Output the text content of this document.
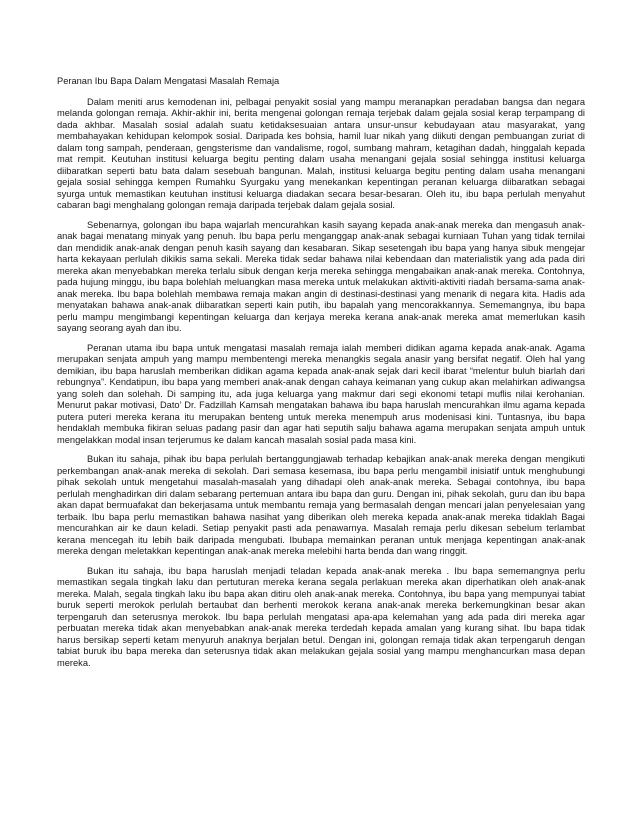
Peranan Ibu Bapa Dalam Mengatasi Masalah Remaja

Dalam meniti arus kemodenan ini, pelbagai penyakit sosial yang mampu meranapkan peradaban bangsa dan negara melanda golongan remaja. Akhir-akhir ini, berita mengenai golongan remaja terjebak dalam gejala sosial kerap terpampang di dada akhbar. Masalah sosial adalah suatu ketidaksesuaian antara unsur-unsur kebudayaan atau masyarakat, yang membahayakan kehidupan kelompok sosial. Daripada kes bohsia, hamil luar nikah yang diikuti dengan pembuangan zuriat di dalam tong sampah, penderaan, gengsterisme dan vandalisme, rogol, sumbang mahram, ketagihan dadah, hinggalah kepada mat rempit. Keutuhan institusi keluarga begitu penting dalam usaha menangani gejala sosial sehingga institusi keluarga diibaratkan seperti batu bata dalam sesebuah bangunan. Malah, institusi keluarga begitu penting dalam usaha menangani gejala sosial sehingga kempen Rumahku Syurgaku yang menekankan kepentingan peranan keluarga diibaratkan sebagai syurga untuk memastikan keutuhan institusi keluarga diadakan secara besar-besaran. Oleh itu, ibu bapa perlulah menyahut cabaran bagi menghalang golongan remaja daripada terjebak dalam gejala sosial.

Sebenarnya, golongan ibu bapa wajarlah mencurahkan kasih sayang kepada anak-anak mereka dan mengasuh anak-anak bagai menatang minyak yang penuh. Ibu bapa perlu menganggap anak-anak sebagai kurniaan Tuhan yang tidak ternilai dan mendidik anak-anak dengan penuh kasih sayang dan kesabaran. Sikap sesetengah ibu bapa yang hanya sibuk mengejar harta kekayaan perlulah dikikis sama sekali. Mereka tidak sedar bahawa nilai kebendaan dan materialistik yang ada pada diri mereka akan menyebabkan mereka terlalu sibuk dengan kerja mereka sehingga mengabaikan anak-anak mereka. Contohnya, pada hujung minggu, ibu bapa bolehlah meluangkan masa mereka untuk melakukan aktiviti-aktiviti riadah bersama-sama anak-anak mereka. Ibu bapa bolehlah membawa remaja makan angin di destinasi-destinasi yang menarik di negara kita. Hadis ada menyatakan bahawa anak-anak diibaratkan seperti kain putih, ibu bapalah yang mencorakkannya. Sememangnya, ibu bapa perlu mampu mengimbangi kepentingan keluarga dan kerjaya mereka kerana anak-anak mereka amat memerlukan kasih sayang seorang ayah dan ibu.

Peranan utama ibu bapa untuk mengatasi masalah remaja ialah memberi didikan agama kepada anak-anak. Agama merupakan senjata ampuh yang mampu membentengi mereka menangkis segala anasir yang bersifat negatif. Oleh hal yang demikian, ibu bapa haruslah memberikan didikan agama kepada anak-anak sejak dari kecil ibarat “melentur buluh biarlah dari rebungnya”. Kendatipun, ibu bapa yang memberi anak-anak dengan cahaya keimanan yang cukup akan melahirkan adiwangsa yang soleh dan solehah. Di samping itu, ada juga keluarga yang makmur dari segi ekonomi tetapi muflis nilai kerohanian. Menurut pakar motivasi, Dato’ Dr. Fadzillah Kamsah mengatakan bahawa ibu bapa haruslah mencurahkan ilmu agama kepada putera puteri mereka kerana itu merupakan benteng untuk mereka menempuh arus modenisasi kini. Tuntasnya, ibu bapa hendaklah membuka fikiran seluas padang pasir dan agar hati seputih salju bahawa agama merupakan senjata ampuh untuk mengelakkan modal insan terjerumus ke dalam kancah masalah sosial pada masa kini.

Bukan itu sahaja, pihak ibu bapa perlulah bertanggungjawab terhadap kebajikan anak-anak mereka dengan mengikuti perkembangan anak-anak mereka di sekolah. Dari semasa kesemasa, ibu bapa perlu mengambil inisiatif untuk menghubungi pihak sekolah untuk mengetahui masalah-masalah yang dihadapi oleh anak-anak mereka. Sebagai contohnya, ibu bapa perlulah menghadirkan diri dalam sebarang pertemuan antara ibu bapa dan guru. Dengan ini, pihak sekolah, guru dan ibu bapa akan dapat bermuafakat dan bekerjasama untuk membantu remaja yang bermasalah dengan mencari jalan penyelesaian yang terbaik. Ibu bapa perlu memastikan bahawa nasihat yang diberikan oleh mereka kepada anak-anak mereka tidaklah Bagai mencurahkan air ke daun keladi. Setiap penyakit pasti ada penawarnya. Masalah remaja perlu dikesan sebelum terlambat kerana mencegah itu lebih baik daripada mengubati. Ibubapa memainkan peranan untuk menjaga kepentingan anak-anak mereka dengan meletakkan kepentingan anak-anak mereka melebihi harta benda dan wang ringgit.

Bukan itu sahaja, ibu bapa haruslah menjadi teladan kepada anak-anak mereka . Ibu bapa sememangnya perlu memastikan segala tingkah laku dan pertuturan mereka kerana segala perlakuan mereka akan diperhatikan oleh anak-anak mereka. Malah, segala tingkah laku ibu bapa akan ditiru oleh anak-anak mereka. Contohnya, ibu bapa yang mempunyai tabiat buruk seperti merokok perlulah bertaubat dan berhenti merokok kerana anak-anak mereka berkemungkinan besar akan terpengaruh dan seterusnya merokok. Ibu bapa perlulah mengatasi apa-apa kelemahan yang ada pada diri mereka agar perbuatan mereka tidak akan menyebabkan anak-anak mereka terdedah kepada amalan yang kurang sihat. Ibu bapa tidak harus bersikap seperti ketam menyuruh anaknya berjalan betul. Dengan ini, golongan remaja tidak akan terpengaruh dengan tabiat buruk ibu bapa mereka dan seterusnya tidak akan melakukan gejala sosial yang mampu menghancurkan masa depan mereka.
